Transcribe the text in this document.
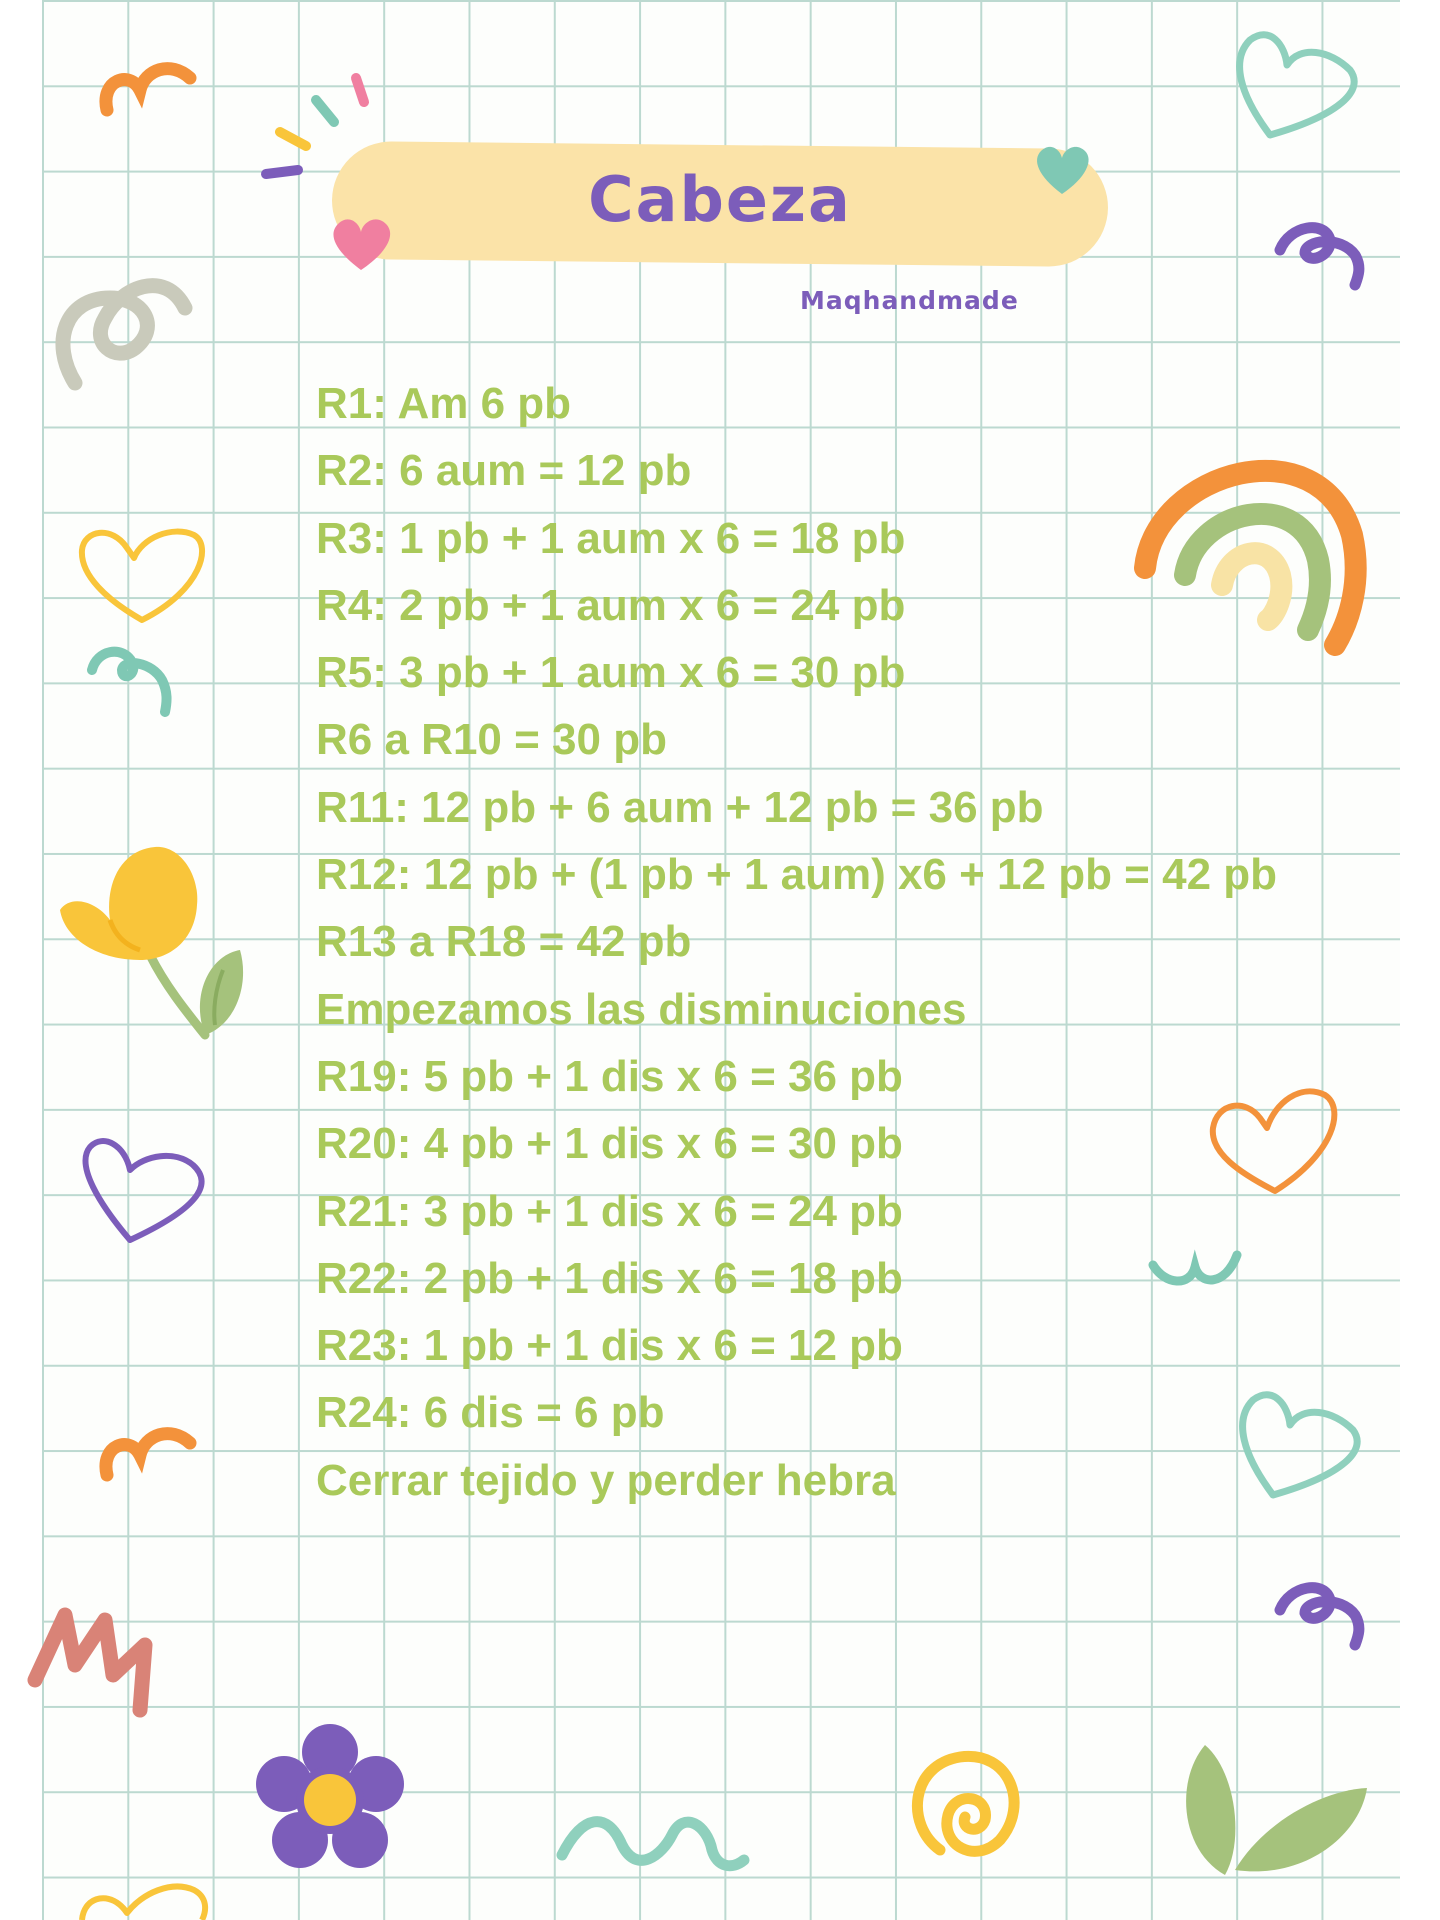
Cabeza
Maqhandmade
R1: Am 6 pb
R2: 6 aum = 12 pb
R3: 1 pb + 1 aum x 6 = 18 pb
R4: 2 pb + 1 aum x 6 = 24 pb
R5: 3 pb + 1 aum x 6 = 30 pb
R6 a R10 = 30 pb
R11: 12 pb + 6 aum + 12 pb = 36 pb
R12: 12 pb + (1 pb + 1 aum) x6 + 12 pb = 42 pb
R13 a R18 = 42 pb
Empezamos las disminuciones
R19: 5 pb + 1 dis x 6 = 36 pb
R20: 4 pb + 1 dis x 6 = 30 pb
R21: 3 pb + 1 dis x 6 = 24 pb
R22: 2 pb + 1 dis x 6 = 18 pb
R23: 1 pb + 1 dis x 6 = 12 pb
R24: 6 dis = 6 pb
Cerrar tejido y perder hebra
